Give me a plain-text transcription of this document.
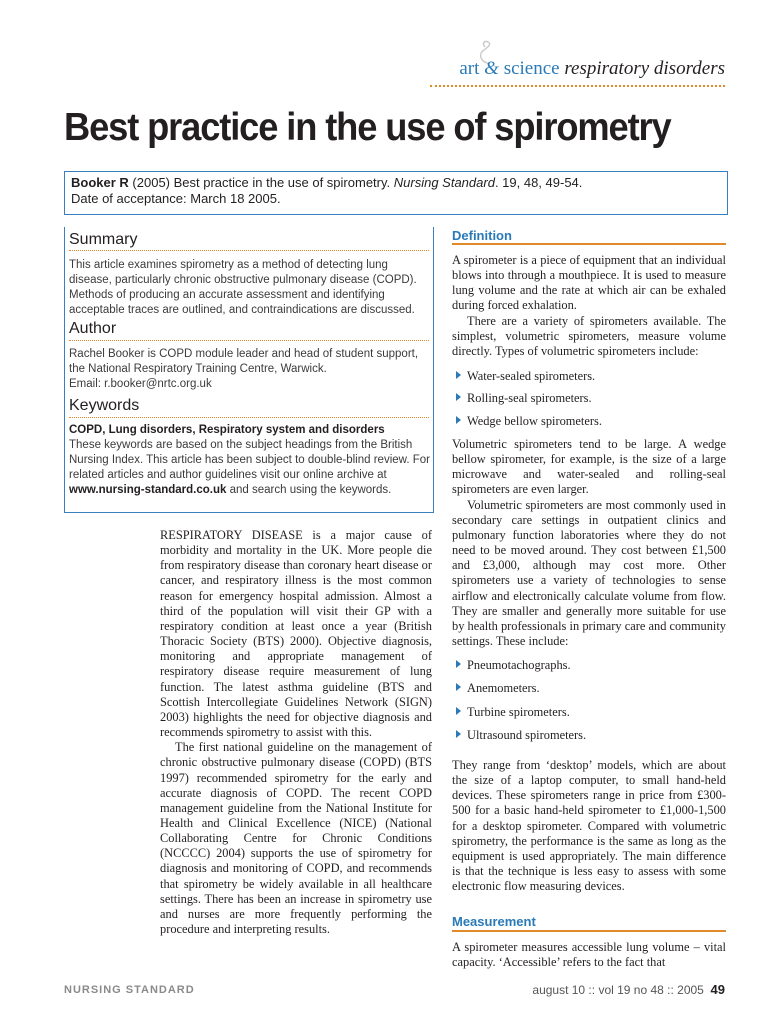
art & science respiratory disorders
Best practice in the use of spirometry
Booker R (2005) Best practice in the use of spirometry. Nursing Standard. 19, 48, 49-54.
Date of acceptance: March 18 2005.
Summary
This article examines spirometry as a method of detecting lung disease, particularly chronic obstructive pulmonary disease (COPD). Methods of producing an accurate assessment and identifying acceptable traces are outlined, and contraindications are discussed.
Author
Rachel Booker is COPD module leader and head of student support, the National Respiratory Training Centre, Warwick.
Email: r.booker@nrtc.org.uk
Keywords
COPD, Lung disorders, Respiratory system and disorders
These keywords are based on the subject headings from the British Nursing Index. This article has been subject to double-blind review. For related articles and author guidelines visit our online archive at www.nursing-standard.co.uk and search using the keywords.

RESPIRATORY DISEASE is a major cause of morbidity and mortality in the UK. More people die from respiratory disease than coronary heart disease or cancer, and respiratory illness is the most common reason for emergency hospital admission. Almost a third of the population will visit their GP with a respiratory condition at least once a year (British Thoracic Society (BTS) 2000). Objective diagnosis, monitoring and appropriate management of respiratory disease require measurement of lung function. The latest asthma guideline (BTS and Scottish Intercollegiate Guidelines Network (SIGN) 2003) highlights the need for objective diagnosis and recommends spirometry to assist with this.

The first national guideline on the management of chronic obstructive pulmonary disease (COPD) (BTS 1997) recommended spirometry for the early and accurate diagnosis of COPD. The recent COPD management guideline from the National Institute for Health and Clinical Excellence (NICE) (National Collaborating Centre for Chronic Conditions (NCCCC) 2004) supports the use of spirometry for diagnosis and monitoring of COPD, and recommends that spirometry be widely available in all healthcare settings. There has been an increase in spirometry use and nurses are more frequently performing the procedure and interpreting results.

Definition

A spirometer is a piece of equipment that an individual blows into through a mouthpiece. It is used to measure lung volume and the rate at which air can be exhaled during forced exhalation.

There are a variety of spirometers available. The simplest, volumetric spirometers, measure volume directly. Types of volumetric spirometers include:

Water-sealed spirometers.
Rolling-seal spirometers.
Wedge bellow spirometers.

Volumetric spirometers tend to be large. A wedge bellow spirometer, for example, is the size of a large microwave and water-sealed and rolling-seal spirometers are even larger.

Volumetric spirometers are most commonly used in secondary care settings in outpatient clinics and pulmonary function laboratories where they do not need to be moved around. They cost between £1,500 and £3,000, although may cost more. Other spirometers use a variety of technologies to sense airflow and electronically calculate volume from flow. They are smaller and generally more suitable for use by health professionals in primary care and community settings. These include:

Pneumotachographs.
Anemometers.
Turbine spirometers.
Ultrasound spirometers.

They range from ‘desktop’ models, which are about the size of a laptop computer, to small hand-held devices. These spirometers range in price from £300-500 for a basic hand-held spirometer to £1,000-1,500 for a desktop spirometer. Compared with volumetric spirometry, the performance is the same as long as the equipment is used appropriately. The main difference is that the technique is less easy to assess with some electronic flow measuring devices.

Measurement

A spirometer measures accessible lung volume – vital capacity. ‘Accessible’ refers to the fact that

NURSING STANDARD	august 10 :: vol 19 no 48 :: 2005 49
